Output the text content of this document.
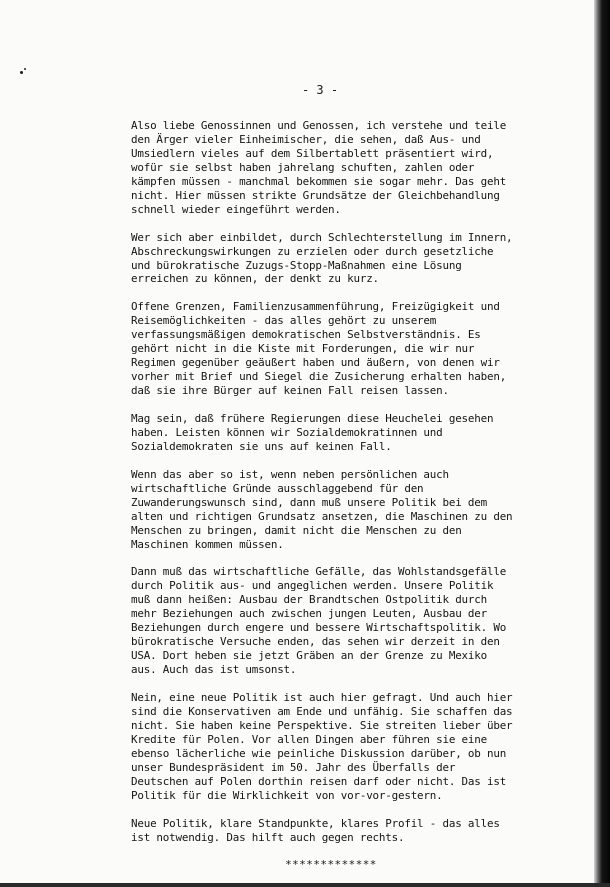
- 3 -

Also liebe Genossinnen und Genossen, ich verstehe und teile
den Ärger vieler Einheimischer, die sehen, daß Aus- und
Umsiedlern vieles auf dem Silbertablett präsentiert wird,
wofür sie selbst haben jahrelang schuften, zahlen oder
kämpfen müssen - manchmal bekommen sie sogar mehr. Das geht
nicht. Hier müssen strikte Grundsätze der Gleichbehandlung
schnell wieder eingeführt werden.

Wer sich aber einbildet, durch Schlechterstellung im Innern,
Abschreckungswirkungen zu erzielen oder durch gesetzliche
und bürokratische Zuzugs-Stopp-Maßnahmen eine Lösung
erreichen zu können, der denkt zu kurz.

Offene Grenzen, Familienzusammenführung, Freizügigkeit und
Reisemöglichkeiten - das alles gehört zu unserem
verfassungsmäßigen demokratischen Selbstverständnis. Es
gehört nicht in die Kiste mit Forderungen, die wir nur
Regimen gegenüber geäußert haben und äußern, von denen wir
vorher mit Brief und Siegel die Zusicherung erhalten haben,
daß sie ihre Bürger auf keinen Fall reisen lassen.

Mag sein, daß frühere Regierungen diese Heuchelei gesehen
haben. Leisten können wir Sozialdemokratinnen und
Sozialdemokraten sie uns auf keinen Fall.

Wenn das aber so ist, wenn neben persönlichen auch
wirtschaftliche Gründe ausschlaggebend für den
Zuwanderungswunsch sind, dann muß unsere Politik bei dem
alten und richtigen Grundsatz ansetzen, die Maschinen zu den
Menschen zu bringen, damit nicht die Menschen zu den
Maschinen kommen müssen.

Dann muß das wirtschaftliche Gefälle, das Wohlstandsgefälle
durch Politik aus- und angeglichen werden. Unsere Politik
muß dann heißen: Ausbau der Brandtschen Ostpolitik durch
mehr Beziehungen auch zwischen jungen Leuten, Ausbau der
Beziehungen durch engere und bessere Wirtschaftspolitik. Wo
bürokratische Versuche enden, das sehen wir derzeit in den
USA. Dort heben sie jetzt Gräben an der Grenze zu Mexiko
aus. Auch das ist umsonst.

Nein, eine neue Politik ist auch hier gefragt. Und auch hier
sind die Konservativen am Ende und unfähig. Sie schaffen das
nicht. Sie haben keine Perspektive. Sie streiten lieber über
Kredite für Polen. Vor allen Dingen aber führen sie eine
ebenso lächerliche wie peinliche Diskussion darüber, ob nun
unser Bundespräsident im 50. Jahr des Überfalls der
Deutschen auf Polen dorthin reisen darf oder nicht. Das ist
Politik für die Wirklichkeit von vor-vor-gestern.

Neue Politik, klare Standpunkte, klares Profil - das alles
ist notwendig. Das hilft auch gegen rechts.

*************
